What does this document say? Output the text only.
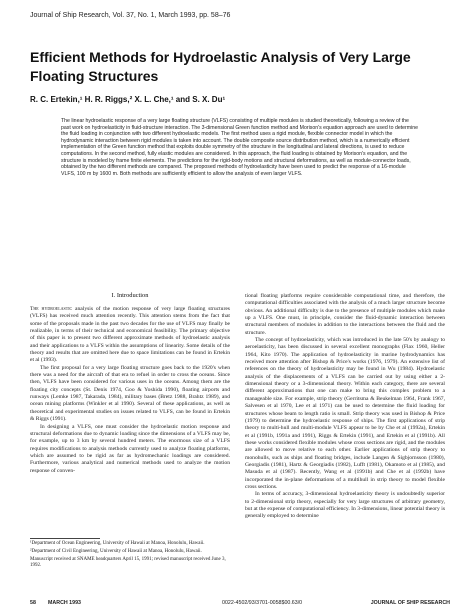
Journal of Ship Research, Vol. 37, No. 1, March 1993, pp. 58–76
Efficient Methods for Hydroelastic Analysis of Very Large Floating Structures
R. C. Ertekin,¹ H. R. Riggs,² X. L. Che,¹ and S. X. Du¹
The linear hydroelastic response of a very large floating structure (VLFS) consisting of multiple modules is studied theoretically, following a review of the past work on hydroelasticity in fluid-structure interaction. The 3-dimensional Green function method and Morison's equation approach are used to determine the fluid loading in conjunction with two different hydroelastic models. The first method uses a rigid module, flexible connector model in which the hydrodynamic interaction between rigid modules is taken into account. The double composite source distribution method, which is a numerically efficient implementation of the Green function method that exploits double symmetry of the structure in the longitudinal and lateral directions, is used to reduce computations. In the second method, fully elastic modules are considered. In this approach, the fluid loading is obtained by Morison's equation, and the structure is modeled by frame finite elements. The predictions for the rigid-body motions and structural deformations, as well as module-connector loads, obtained by the two different methods are compared. The proposed methods of hydroelasticity have been used to predict the response of a 16-module VLFS, 100 m by 1600 m. Both methods are sufficiently efficient to allow the analysis of even larger VLFS.
I. Introduction

The hydroelastic analysis of the motion response of very large floating structures (VLFS) has received much attention recently. This attention stems from the fact that some of the proposals made in the past two decades for the use of VLFS may finally be realizable, in terms of their technical and economical feasibility. The primary objective of this paper is to present two different approximate methods of hydroelastic analysis and their applications to a VLFS within the assumptions of linearity. Some details of the theory and results that are omitted here due to space limitations can be found in Ertekin et al (1993).

The first proposal for a very large floating structure goes back to the 1920's when there was a need for the aircraft of that era to refuel in order to cross the oceans. Since then, VLFS have been considered for various uses in the oceans. Among them are the floating city concepts (St. Denis 1974, Goo & Yoshida 1990), floating airports and runways (Lemke 1987, Takarada, 1984), military bases (Bretz 1988, Brahtz 1989), and ocean mining platforms (Winkler et al 1990). Several of these applications, as well as theoretical and experimental studies on issues related to VLFS, can be found in Ertekin & Riggs (1991).

In designing a VLFS, one must consider the hydroelastic motion response and structural deformations due to dynamic loading since the dimensions of a VLFS may be, for example, up to 3 km by several hundred meters. The enormous size of a VLFS requires modifications to analysis methods currently used to analyze floating platforms, which are assumed to be rigid as far as hydromechanic loadings are considered. Furthermore, various analytical and numerical methods used to analyze the motion response of conven-

tional floating platforms require considerable computational time, and therefore, the computational difficulties associated with the analysis of a much larger structure become obvious. An additional difficulty is due to the presence of multiple modules which make up a VLFS. One must, in principle, consider the fluid-dynamic interaction between structural members of modules in addition to the interactions between the fluid and the structure.

The concept of hydroelasticity, which was introduced in the late 50's by analogy to aeroelasticity, has been discussed in several excellent monographs (Flax 1960, Heller 1964, Kito 1970). The application of hydroelasticity in marine hydrodynamics has received more attention after Bishop & Price's works (1976, 1979). An extensive list of references on the theory of hydroelasticity may be found in Wu (1984). Hydroelastic analysis of the displacements of a VLFS can be carried out by using either a 2-dimensional theory or a 3-dimensional theory. Within each category, there are several different approximations that one can make to bring this complex problem to a manageable size. For example, strip theory (Gerritsma & Beukelman 1964, Frank 1967, Salvesen et al 1970, Lee et al 1971) can be used to determine the fluid loading for structures whose beam to length ratio is small. Strip theory was used in Bishop & Price (1979) to determine the hydroelastic response of ships. The first applications of strip theory to multi-hull and multi-module VLFS appear to be by Che et al (1992a), Ertekin et al (1991b, 1991a and 1991), Riggs & Ertekin (1991), and Ertekin et al (1991b). All these works considered flexible modules whose cross sections are rigid, and the modules are allowed to move relative to each other. Earlier applications of strip theory to monohulls, such as ships and floating bridges, include Langen & Sigbjornsson (1980), Georgiadis (1981), Hartz & Georgiadis (1982), Lufft (1981), Okamoto et al (1985), and Masuda et al (1987). Recently, Wang et al (1991b) and Che et al (1992b) have incorporated the in-plane deformations of a multihull in strip theory to model flexible cross sections.

In terms of accuracy, 3-dimensional hydroelasticity theory is undoubtedly superior to 2-dimensional strip theory, especially for very large structures of arbitrary geometry, but at the expense of computational efficiency. In 3-dimensions, linear potential theory is generally employed to determine

¹Department of Ocean Engineering, University of Hawaii at Manoa, Honolulu, Hawaii.

²Department of Civil Engineering, University of Hawaii at Manoa, Honolulu, Hawaii.

Manuscript received at SNAME headquarters April 15, 1991; revised manuscript received June 3, 1992.

58 MARCH 1993	0022-4502/93/3701-0058$00.63/0	JOURNAL OF SHIP RESEARCH
